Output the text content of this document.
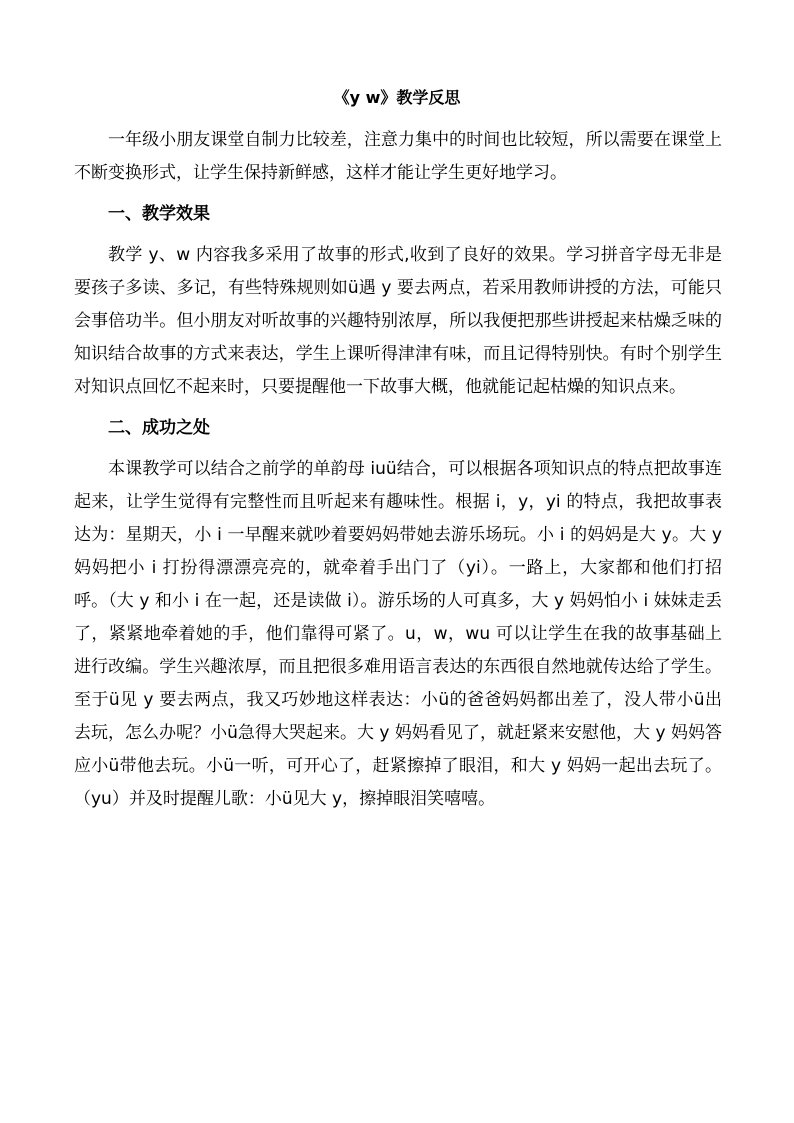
《y w》教学反思

一年级小朋友课堂自制力比较差，注意力集中的时间也比较短，所以需要在课堂上不断变换形式，让学生保持新鲜感，这样才能让学生更好地学习。

一、教学效果

教学 y、w 内容我多采用了故事的形式,收到了良好的效果。学习拼音字母无非是要孩子多读、多记，有些特殊规则如ü遇 y 要去两点，若采用教师讲授的方法，可能只会事倍功半。但小朋友对听故事的兴趣特别浓厚，所以我便把那些讲授起来枯燥乏味的知识结合故事的方式来表达，学生上课听得津津有味，而且记得特别快。有时个别学生对知识点回忆不起来时，只要提醒他一下故事大概，他就能记起枯燥的知识点来。

二、成功之处

本课教学可以结合之前学的单韵母 iuü结合，可以根据各项知识点的特点把故事连起来，让学生觉得有完整性而且听起来有趣味性。根据 i，y，yi 的特点，我把故事表达为：星期天，小 i 一早醒来就吵着要妈妈带她去游乐场玩。小 i 的妈妈是大 y。大 y 妈妈把小 i 打扮得漂漂亮亮的，就牵着手出门了（yi）。一路上，大家都和他们打招呼。（大 y 和小 i 在一起，还是读做 i）。游乐场的人可真多，大 y 妈妈怕小 i 妹妹走丢了，紧紧地牵着她的手，他们靠得可紧了。u，w，wu 可以让学生在我的故事基础上进行改编。学生兴趣浓厚，而且把很多难用语言表达的东西很自然地就传达给了学生。至于ü见 y 要去两点，我又巧妙地这样表达：小ü的爸爸妈妈都出差了，没人带小ü出去玩，怎么办呢？小ü急得大哭起来。大 y 妈妈看见了，就赶紧来安慰他，大 y 妈妈答应小ü带他去玩。小ü一听，可开心了，赶紧擦掉了眼泪，和大 y 妈妈一起出去玩了。（yu）并及时提醒儿歌：小ü见大 y，擦掉眼泪笑嘻嘻。
